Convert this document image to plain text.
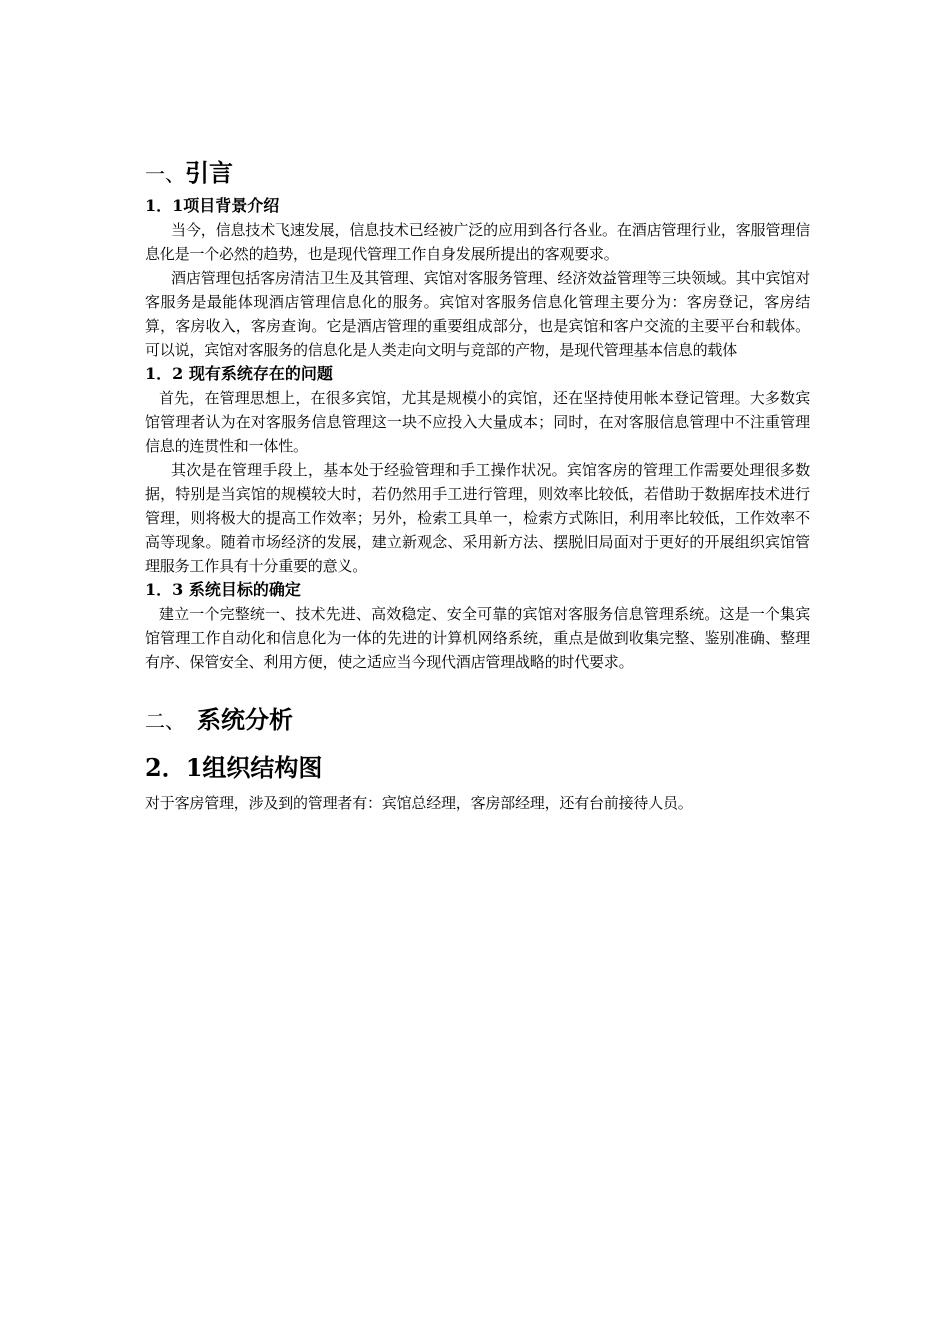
一、引言
1．1项目背景介绍

当今，信息技术飞速发展，信息技术已经被广泛的应用到各行各业。在酒店管理行业，客服管理信息化是一个必然的趋势，也是现代管理工作自身发展所提出的客观要求。

酒店管理包括客房清洁卫生及其管理、宾馆对客服务管理、经济效益管理等三块领域。其中宾馆对客服务是最能体现酒店管理信息化的服务。宾馆对客服务信息化管理主要分为：客房登记，客房结算，客房收入，客房查询。它是酒店管理的重要组成部分，也是宾馆和客户交流的主要平台和载体。可以说，宾馆对客服务的信息化是人类走向文明与竞部的产物，是现代管理基本信息的载体

1．2 现有系统存在的问题

首先，在管理思想上，在很多宾馆，尤其是规模小的宾馆，还在坚持使用帐本登记管理。大多数宾馆管理者认为在对客服务信息管理这一块不应投入大量成本；同时，在对客服信息管理中不注重管理信息的连贯性和一体性。

其次是在管理手段上，基本处于经验管理和手工操作状况。宾馆客房的管理工作需要处理很多数据，特别是当宾馆的规模较大时，若仍然用手工进行管理，则效率比较低，若借助于数据库技术进行管理，则将极大的提高工作效率；另外，检索工具单一，检索方式陈旧，利用率比较低，工作效率不高等现象。随着市场经济的发展，建立新观念、采用新方法、摆脱旧局面对于更好的开展组织宾馆管理服务工作具有十分重要的意义。

1．3 系统目标的确定

建立一个完整统一、技术先进、高效稳定、安全可靠的宾馆对客服务信息管理系统。这是一个集宾馆管理工作自动化和信息化为一体的先进的计算机网络系统，重点是做到收集完整、鉴别准确、整理有序、保管安全、利用方便，使之适应当今现代酒店管理战略的时代要求。

二、 系统分析
2．1组织结构图

对于客房管理，涉及到的管理者有：宾馆总经理，客房部经理，还有台前接待人员。
